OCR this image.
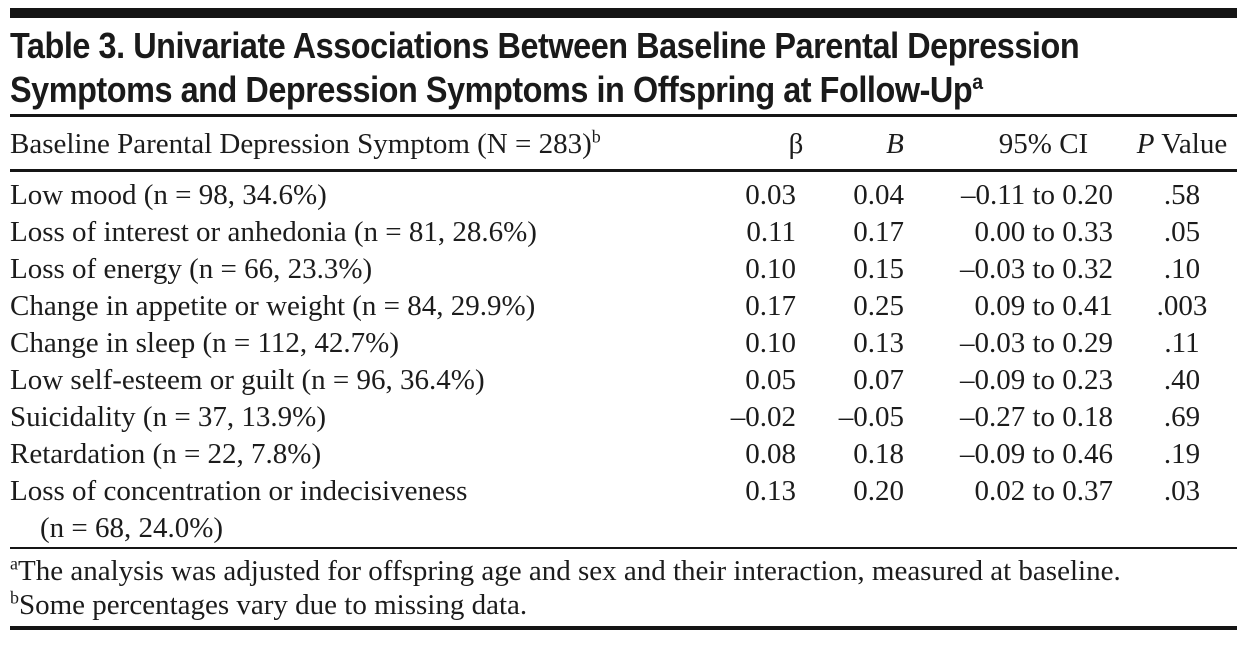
Table 3. Univariate Associations Between Baseline Parental Depression
Symptoms and Depression Symptoms in Offspring at Follow-Up$^a$
Baseline Parental Depression Symptom (N = 283)$^b$	β	B	95% CI	P Value
Low mood (n = 98, 34.6%)	0.03	0.04	–0.11 to 0.20	.58
Loss of interest or anhedonia (n = 81, 28.6%)	0.11	0.17	0.00 to 0.33	.05
Loss of energy (n = 66, 23.3%)	0.10	0.15	–0.03 to 0.32	.10
Change in appetite or weight (n = 84, 29.9%)	0.17	0.25	0.09 to 0.41	.003
Change in sleep (n = 112, 42.7%)	0.10	0.13	–0.03 to 0.29	.11
Low self-esteem or guilt (n = 96, 36.4%)	0.05	0.07	–0.09 to 0.23	.40
Suicidality (n = 37, 13.9%)	–0.02	–0.05	–0.27 to 0.18	.69
Retardation (n = 22, 7.8%)	0.08	0.18	–0.09 to 0.46	.19

Loss of concentration or indecisiveness
(n = 68, 24.0%)	0.13	0.20	0.02 to 0.37	.03

$^a$The analysis was adjusted for offspring age and sex and their interaction, measured at baseline.

$^b$Some percentages vary due to missing data.
